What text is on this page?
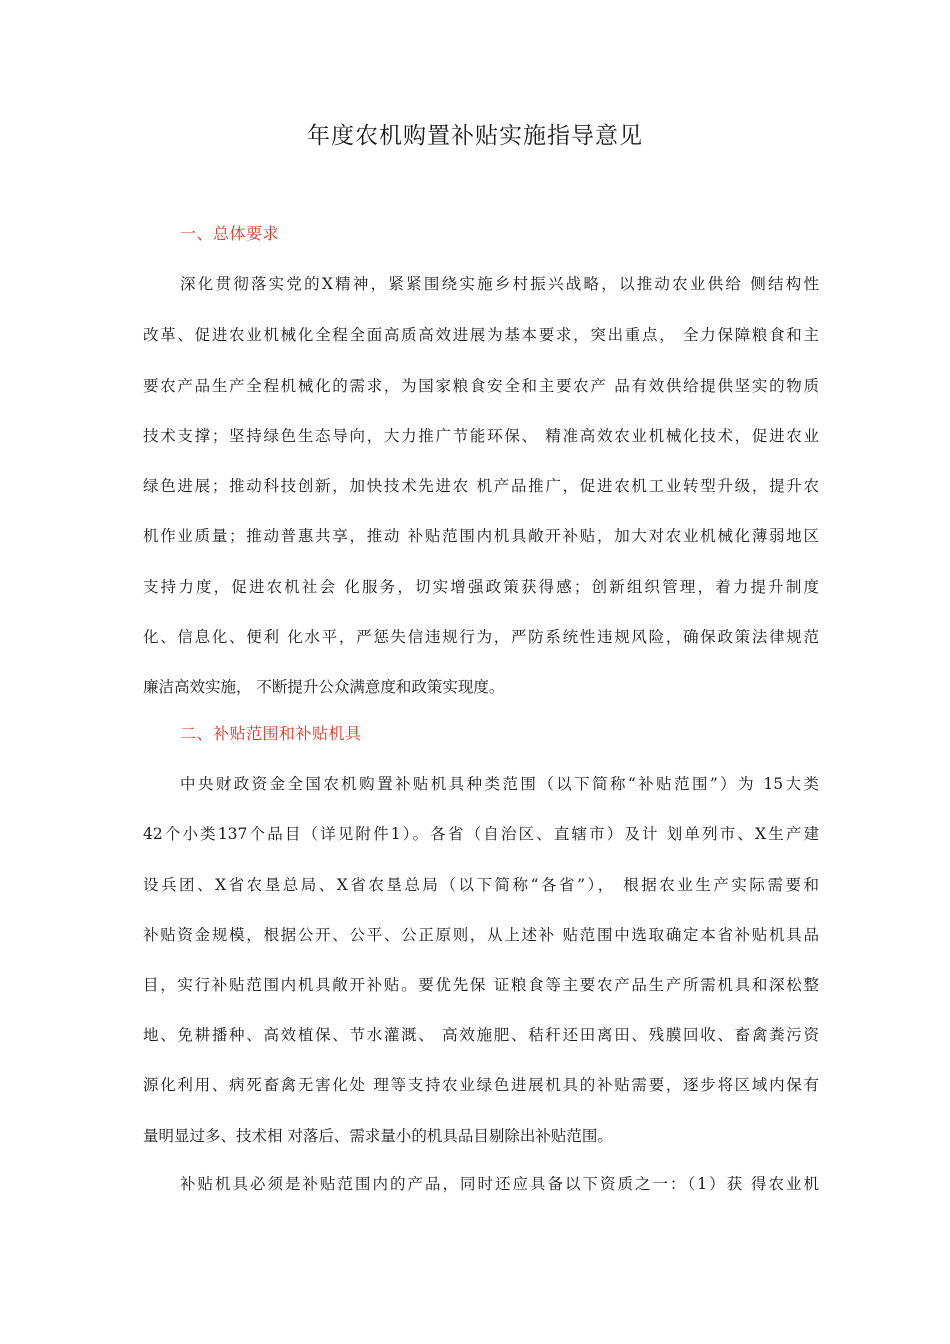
年度农机购置补贴实施指导意见
一、总体要求
深化贯彻落实党的X精神，紧紧围绕实施乡村振兴战略，以推动农业供给 侧结构性
改革、促进农业机械化全程全面高质高效进展为基本要求，突出重点， 全力保障粮食和主
要农产品生产全程机械化的需求，为国家粮食安全和主要农产 品有效供给提供坚实的物质
技术支撑；坚持绿色生态导向，大力推广节能环保、 精准高效农业机械化技术，促进农业
绿色进展；推动科技创新，加快技术先进农 机产品推广，促进农机工业转型升级，提升农
机作业质量；推动普惠共享，推动 补贴范围内机具敞开补贴，加大对农业机械化薄弱地区
支持力度，促进农机社会 化服务，切实增强政策获得感；创新组织管理，着力提升制度
化、信息化、便利 化水平，严惩失信违规行为，严防系统性违规风险，确保政策法律规范
廉洁高效实施， 不断提升公众满意度和政策实现度。
二、补贴范围和补贴机具
中央财政资金全国农机购置补贴机具种类范围（以下简称“补贴范围”）为 15大类
42个小类137个品目（详见附件1）。各省（自治区、直辖市）及计 划单列市、X生产建
设兵团、X省农垦总局、X省农垦总局（以下简称“各省”）， 根据农业生产实际需要和
补贴资金规模，根据公开、公平、公正原则，从上述补 贴范围中选取确定本省补贴机具品
目，实行补贴范围内机具敞开补贴。要优先保 证粮食等主要农产品生产所需机具和深松整
地、免耕播种、高效植保、节水灌溉、 高效施肥、秸秆还田离田、残膜回收、畜禽粪污资
源化利用、病死畜禽无害化处 理等支持农业绿色进展机具的补贴需要，逐步将区域内保有
量明显过多、技术相 对落后、需求量小的机具品目剔除出补贴范围。
补贴机具必须是补贴范围内的产品，同时还应具备以下资质之一：（1）获 得农业机
